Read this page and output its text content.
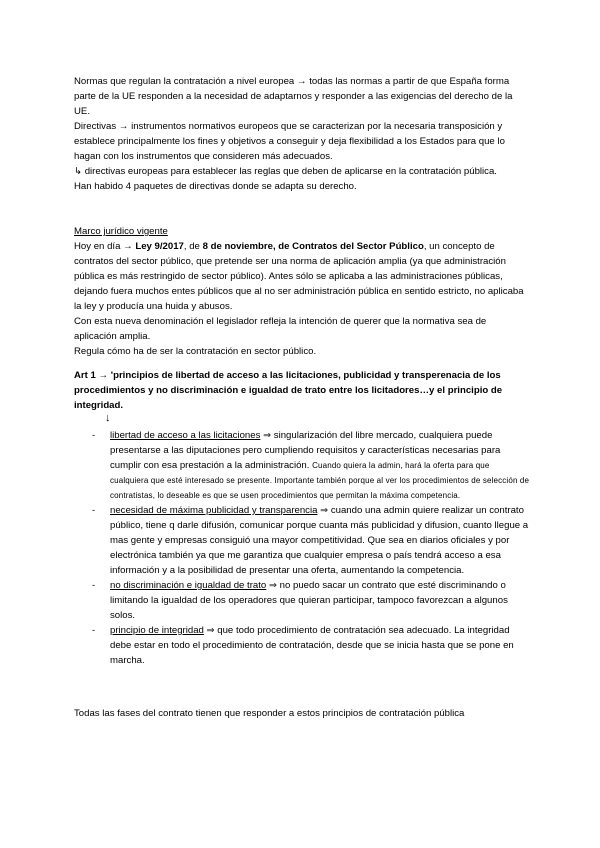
Normas que regulan la contratación a nivel europea → todas las normas a partir de que España forma parte de la UE responden a la necesidad de adaptarnos y responder a las exigencias del derecho de la UE.

Directivas → instrumentos normativos europeos que se caracterizan por la necesaria transposición y establece principalmente los fines y objetivos a conseguir y deja flexibilidad a los Estados para que lo hagan con los instrumentos que consideren más adecuados.

↳ directivas europeas para establecer las reglas que deben de aplicarse en la contratación pública.

Han habido 4 paquetes de directivas donde se adapta su derecho.

Marco jurídico vigente

Hoy en día → Ley 9/2017, de 8 de noviembre, de Contratos del Sector Público, un concepto de contratos del sector público, que pretende ser una norma de aplicación amplia (ya que administración pública es más restringido de sector público). Antes sólo se aplicaba a las administraciones públicas, dejando fuera muchos entes públicos que al no ser administración pública en sentido estricto, no aplicaba la ley y producía una huida y abusos.

Con esta nueva denominación el legislador refleja la intención de querer que la normativa sea de aplicación amplia.

Regula cómo ha de ser la contratación en sector público.

Art 1 → 'principios de libertad de acceso a las licitaciones, publicidad y transperenacia de los procedimientos y no discriminación e igualdad de trato entre los licitadores…y el principio de integridad.

↓
- libertad de acceso a las licitaciones ⇒ singularización del libre mercado, cualquiera puede presentarse a las diputaciones pero cumpliendo requisitos y características necesarias para cumplir con esa prestación a la administración. Cuando quiera la admin, hará la oferta para que cualquiera que esté interesado se presente. Importante también porque al ver los procedimientos de selección de contratistas, lo deseable es que se usen procedimientos que permitan la máxima competencia.
- necesidad de máxima publicidad y transparencia ⇒ cuando una admin quiere realizar un contrato público, tiene q darle difusión, comunicar porque cuanta más publicidad y difusion, cuanto llegue a mas gente y empresas consiguió una mayor competitividad. Que sea en diarios oficiales y por electrónica también ya que me garantiza que cualquier empresa o país tendrá acceso a esa información y a la posibilidad de presentar una oferta, aumentando la competencia.
- no discriminación e igualdad de trato ⇒ no puedo sacar un contrato que esté discriminando o limitando la igualdad de los operadores que quieran participar, tampoco favorezcan a algunos solos.
- principio de integridad ⇒ que todo procedimiento de contratación sea adecuado. La integridad debe estar en todo el procedimiento de contratación, desde que se inicia hasta que se pone en marcha.

Todas las fases del contrato tienen que responder a estos principios de contratación pública
